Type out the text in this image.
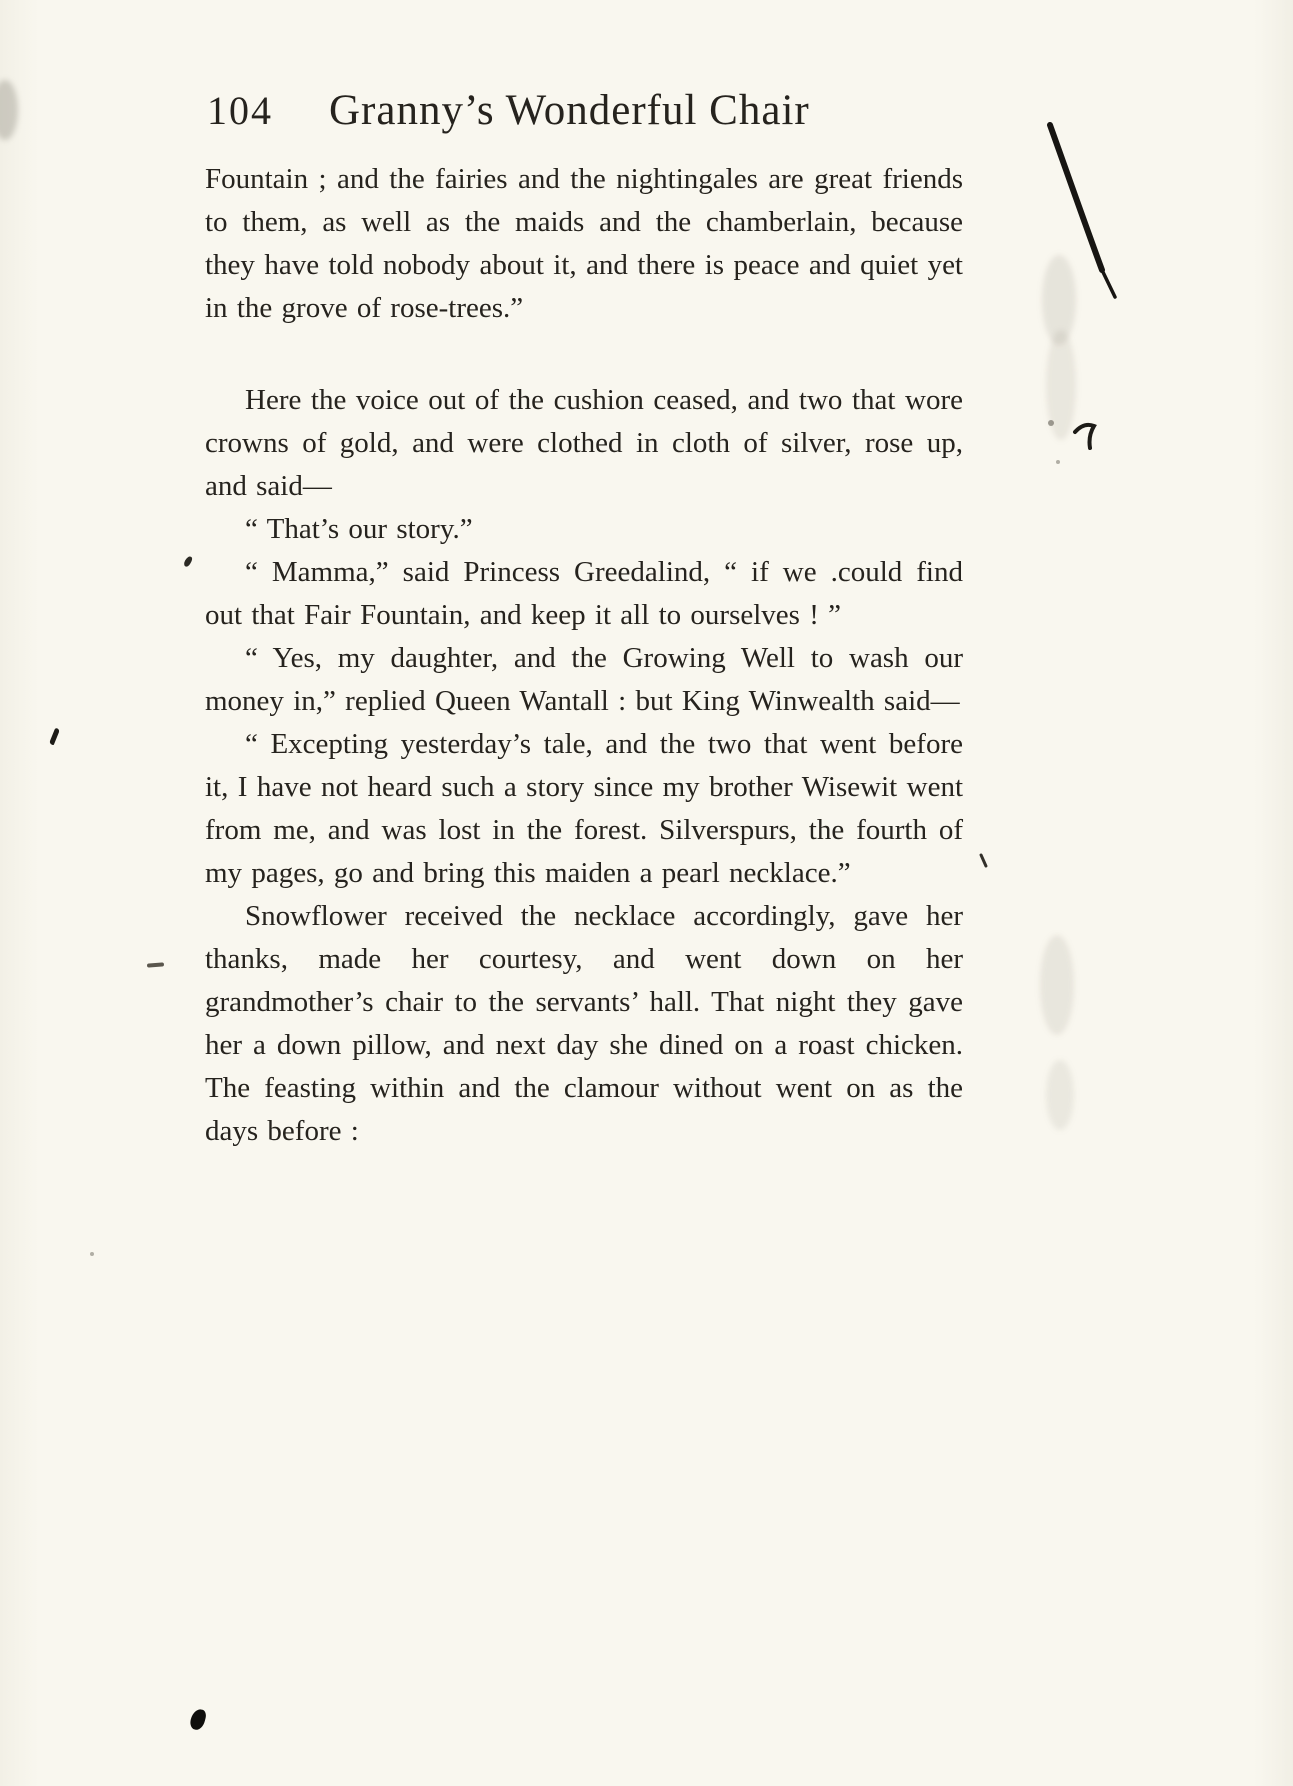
104 Granny’s Wonderful Chair

Fountain ; and the fairies and the nightingales are great friends to them, as well as the maids and the chamberlain, because they have told nobody about it, and there is peace and quiet yet in the grove of rose-trees.”

Here the voice out of the cushion ceased, and two that wore crowns of gold, and were clothed in cloth of silver, rose up, and said—

“ That’s our story.”

“ Mamma,” said Princess Greedalind, “ if we .could find out that Fair Fountain, and keep it all to ourselves ! ”

“ Yes, my daughter, and the Growing Well to wash our money in,” replied Queen Wantall : but King Winwealth said—

“ Excepting yesterday’s tale, and the two that went before it, I have not heard such a story since my brother Wisewit went from me, and was lost in the forest. Silverspurs, the fourth of my pages, go and bring this maiden a pearl necklace.”

Snowflower received the necklace accordingly, gave her thanks, made her courtesy, and went down on her grandmother’s chair to the servants’ hall. That night they gave her a down pillow, and next day she dined on a roast chicken. The feasting within and the clamour without went on as the days before :
